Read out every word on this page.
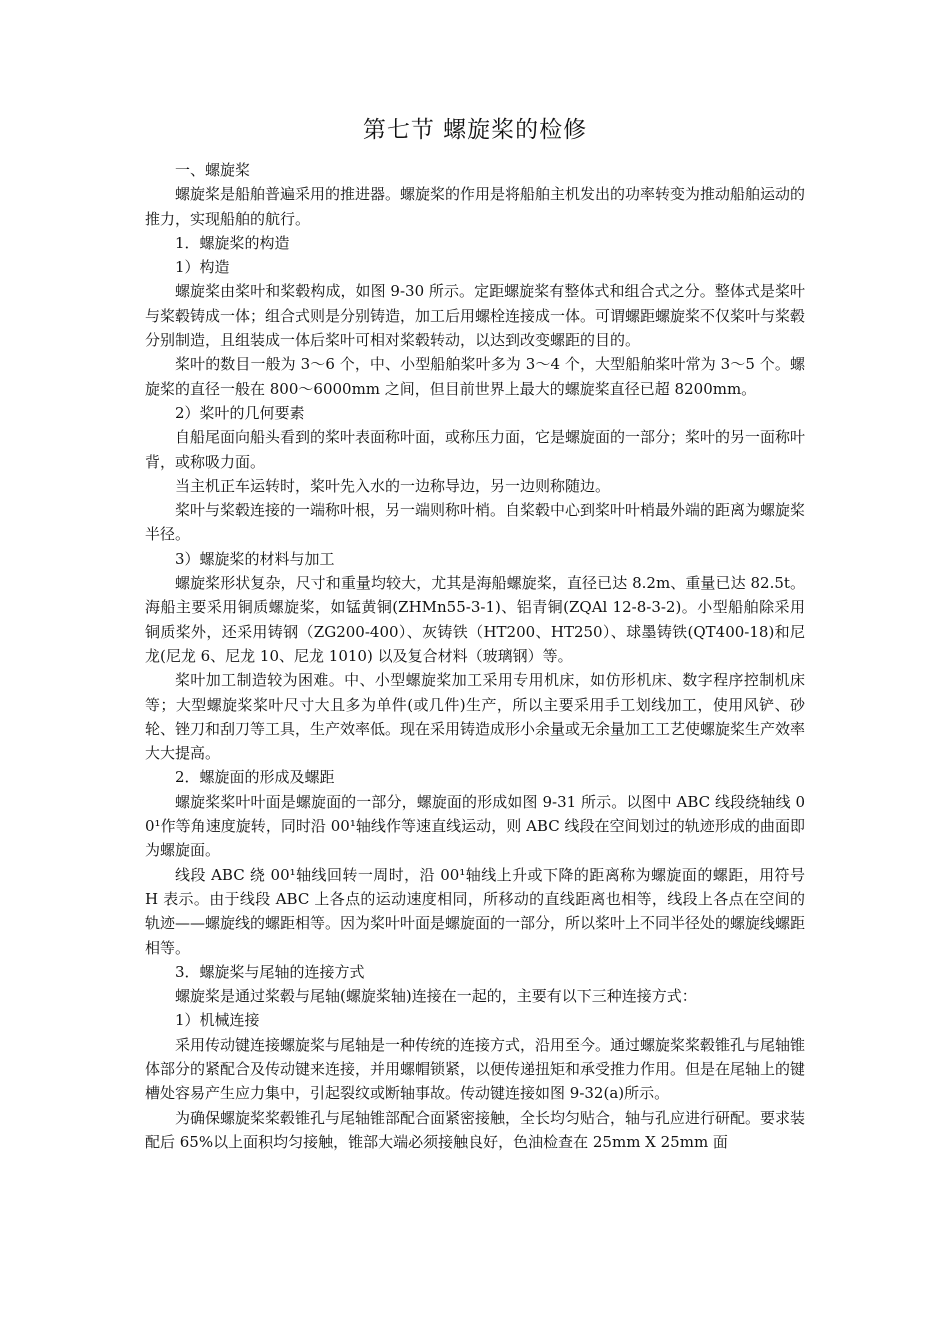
第七节 螺旋桨的检修

一、螺旋桨

螺旋桨是船舶普遍采用的推进器。螺旋桨的作用是将船舶主机发出的功率转变为推动船舶运动的推力，实现船舶的航行。

1．螺旋桨的构造

1）构造

螺旋桨由桨叶和桨毂构成，如图 9-30 所示。定距螺旋桨有整体式和组合式之分。整体式是桨叶与桨毂铸成一体；组合式则是分别铸造，加工后用螺栓连接成一体。可谓螺距螺旋桨不仅桨叶与桨毂分别制造，且组装成一体后桨叶可相对桨毂转动，以达到改变螺距的目的。

桨叶的数目一般为 3～6 个，中、小型船舶桨叶多为 3～4 个，大型船舶桨叶常为 3～5 个。螺旋桨的直径一般在 800～6000mm 之间，但目前世界上最大的螺旋桨直径已超 8200mm。

2）桨叶的几何要素

自船尾面向船头看到的桨叶表面称叶面，或称压力面，它是螺旋面的一部分；桨叶的另一面称叶背，或称吸力面。

当主机正车运转时，桨叶先入水的一边称导边，另一边则称随边。

桨叶与桨毂连接的一端称叶根，另一端则称叶梢。自桨毂中心到桨叶叶梢最外端的距离为螺旋桨半径。

3）螺旋桨的材料与加工

螺旋桨形状复杂，尺寸和重量均较大，尤其是海船螺旋桨，直径已达 8.2m、重量已达 82.5t。海船主要采用铜质螺旋桨，如锰黄铜(ZHMn55-3-1)、铝青铜(ZQAl 12-8-3-2)。小型船舶除采用铜质桨外，还采用铸钢（ZG200-400）、灰铸铁（HT200、HT250）、球墨铸铁(QT400-18)和尼龙(尼龙 6、尼龙 10、尼龙 1010) 以及复合材料（玻璃钢）等。

桨叶加工制造较为困难。中、小型螺旋桨加工采用专用机床，如仿形机床、数字程序控制机床等；大型螺旋桨桨叶尺寸大且多为单件(或几件)生产，所以主要采用手工划线加工，使用风铲、砂轮、锉刀和刮刀等工具，生产效率低。现在采用铸造成形小余量或无余量加工工艺使螺旋桨生产效率大大提高。

2．螺旋面的形成及螺距

螺旋桨桨叶叶面是螺旋面的一部分，螺旋面的形成如图 9-31 所示。以图中 ABC 线段绕轴线 00¹作等角速度旋转，同时沿 00¹轴线作等速直线运动，则 ABC 线段在空间划过的轨迹形成的曲面即为螺旋面。

线段 ABC 绕 00¹轴线回转一周时，沿 00¹轴线上升或下降的距离称为螺旋面的螺距，用符号 H 表示。由于线段 ABC 上各点的运动速度相同，所移动的直线距离也相等，线段上各点在空间的轨迹——螺旋线的螺距相等。因为桨叶叶面是螺旋面的一部分，所以桨叶上不同半径处的螺旋线螺距相等。

3．螺旋桨与尾轴的连接方式

螺旋桨是通过桨毂与尾轴(螺旋桨轴)连接在一起的，主要有以下三种连接方式：

1）机械连接

采用传动键连接螺旋桨与尾轴是一种传统的连接方式，沿用至今。通过螺旋桨桨毂锥孔与尾轴锥体部分的紧配合及传动键来连接，并用螺帽锁紧，以便传递扭矩和承受推力作用。但是在尾轴上的键槽处容易产生应力集中，引起裂纹或断轴事故。传动键连接如图 9-32(a)所示。

为确保螺旋桨桨毂锥孔与尾轴锥部配合面紧密接触，全长均匀贴合，轴与孔应进行研配。要求装配后 65%以上面积均匀接触，锥部大端必须接触良好，色油检查在 25mm X 25mm 面
